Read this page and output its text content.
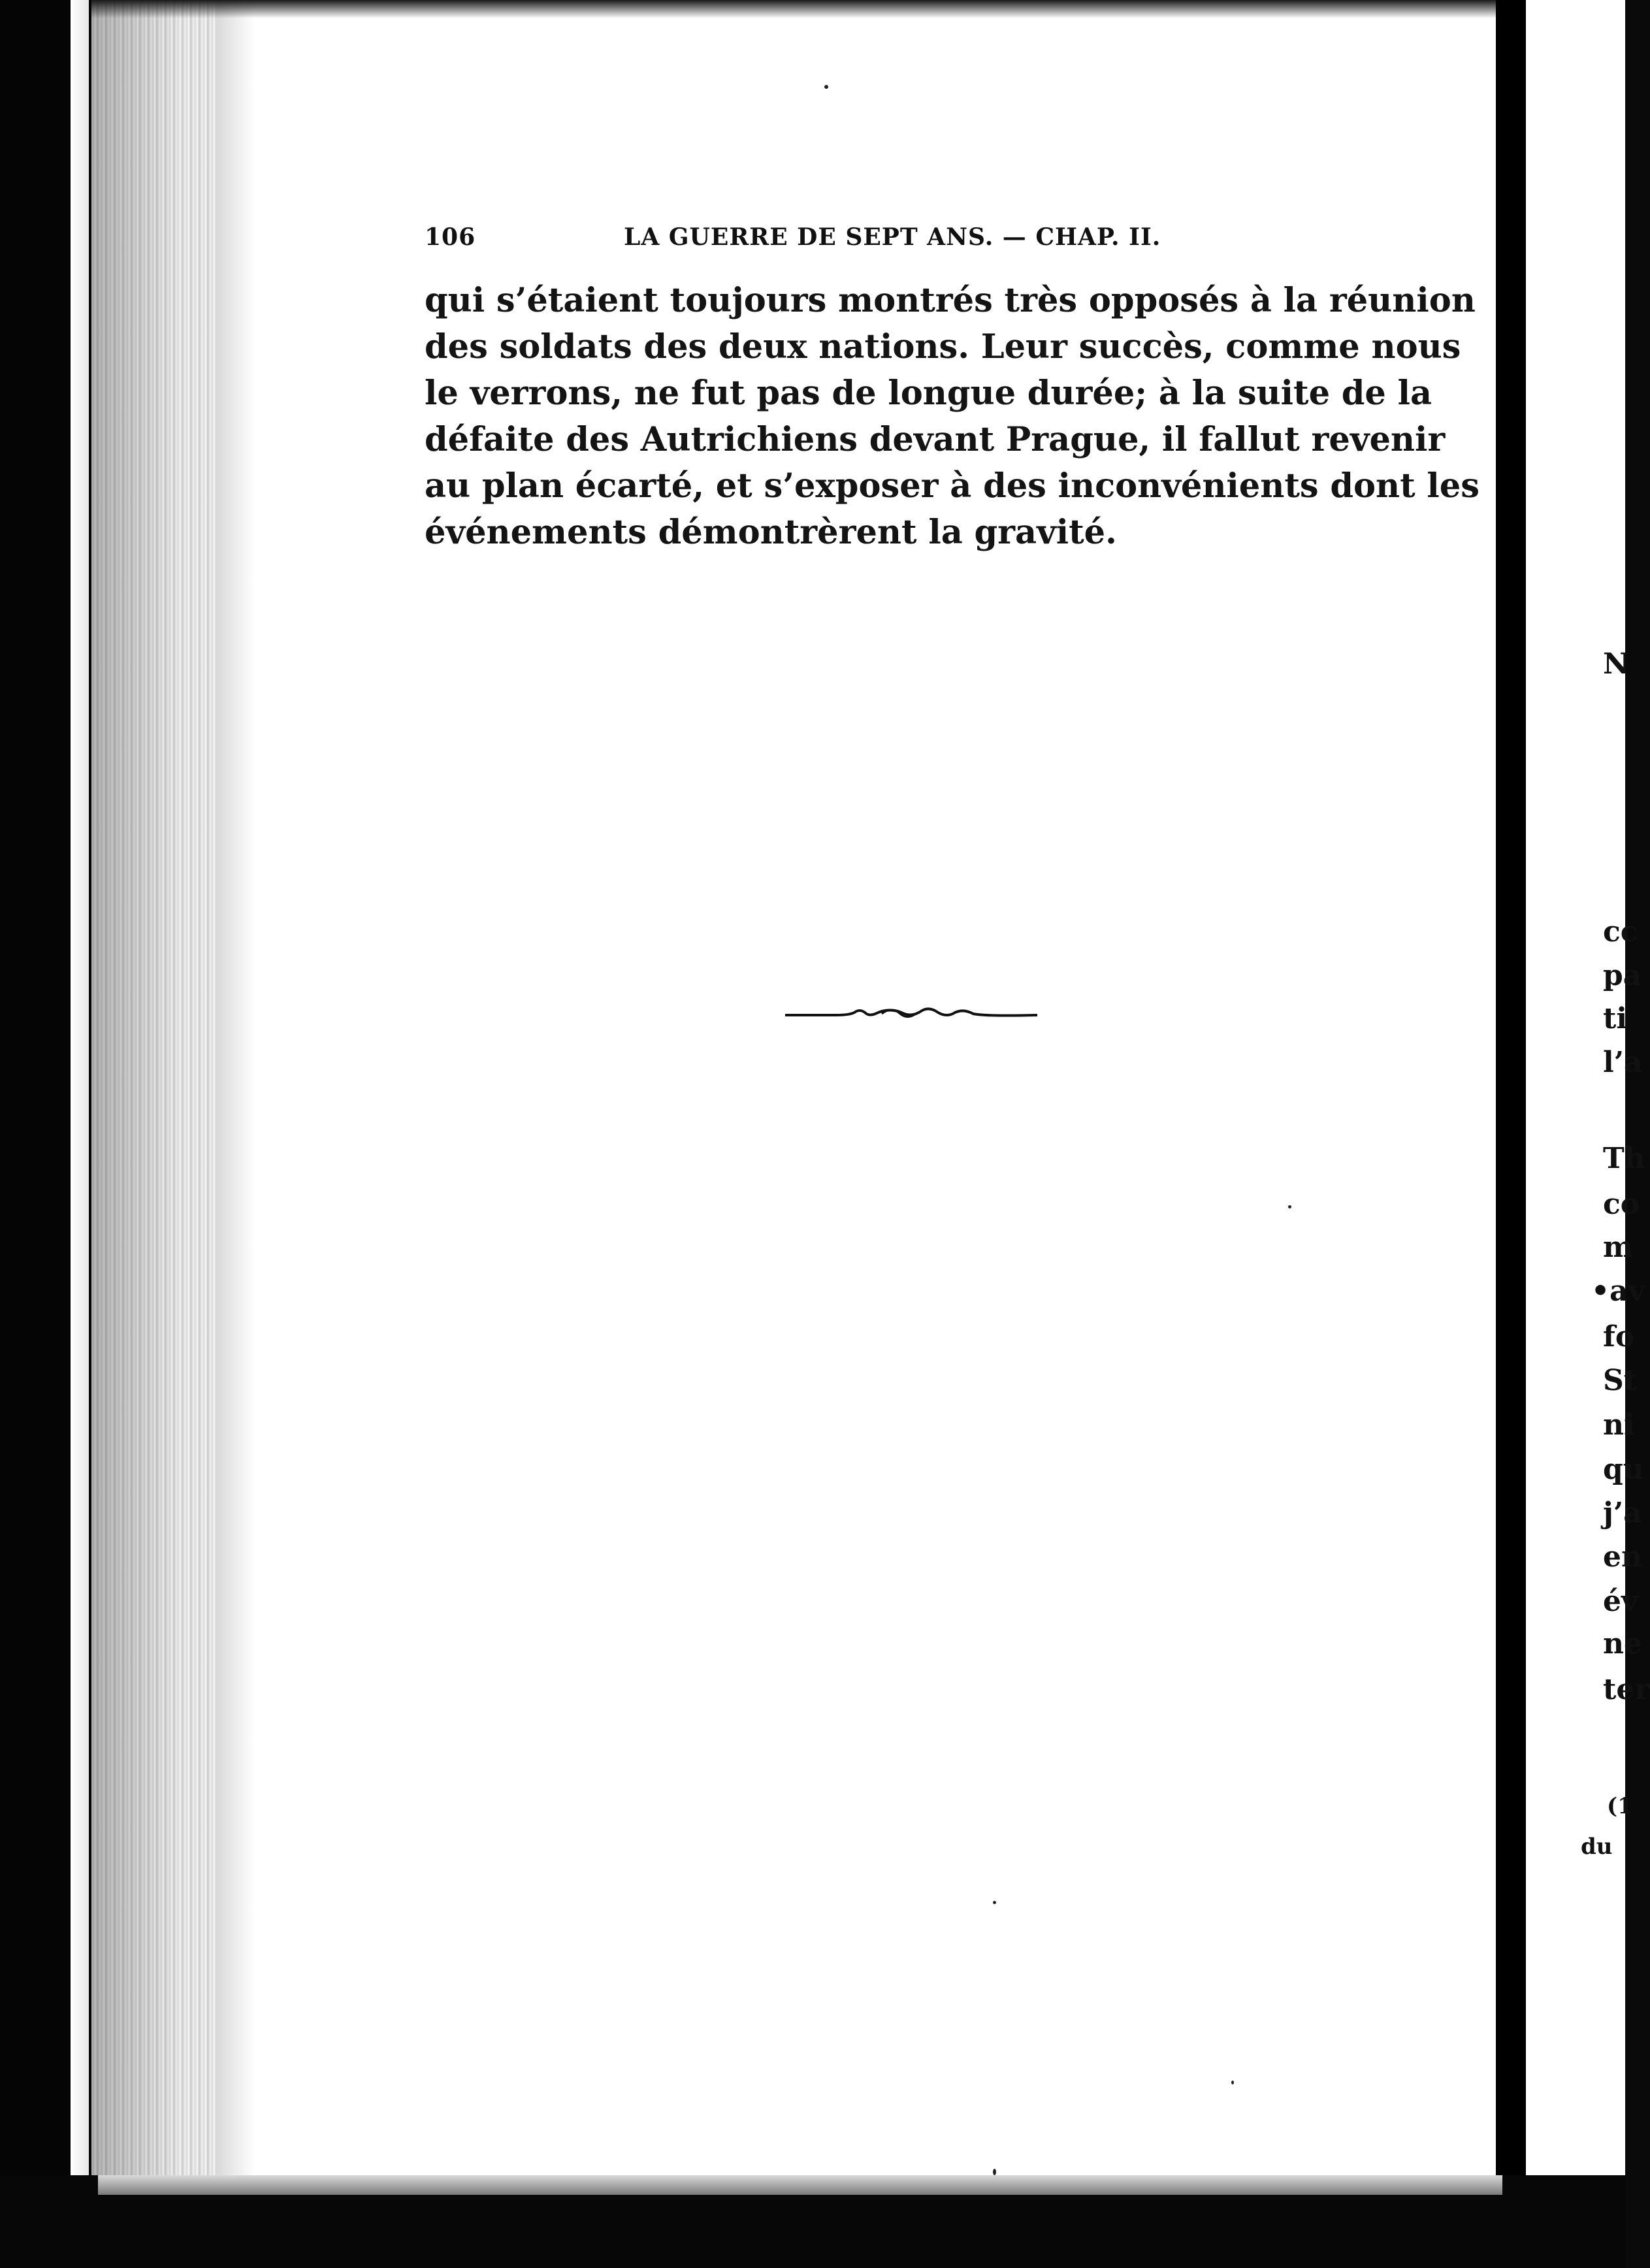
106	LA GUERRE DE SEPT ANS. — CHAP. II.
qui s’étaient toujours montrés très opposés à la réunion
des soldats des deux nations. Leur succès, comme nous
le verrons, ne fut pas de longue durée; à la suite de la
défaite des Autrichiens devant Prague, il fallut revenir
au plan écarté, et s’exposer à des inconvénients dont les
événements démontrèrent la gravité.
N
cc
pa
ti
l’a
Th
co
m
•av
fo
St
ni
qu
j’a
en
év
ne
ter
(1
du
